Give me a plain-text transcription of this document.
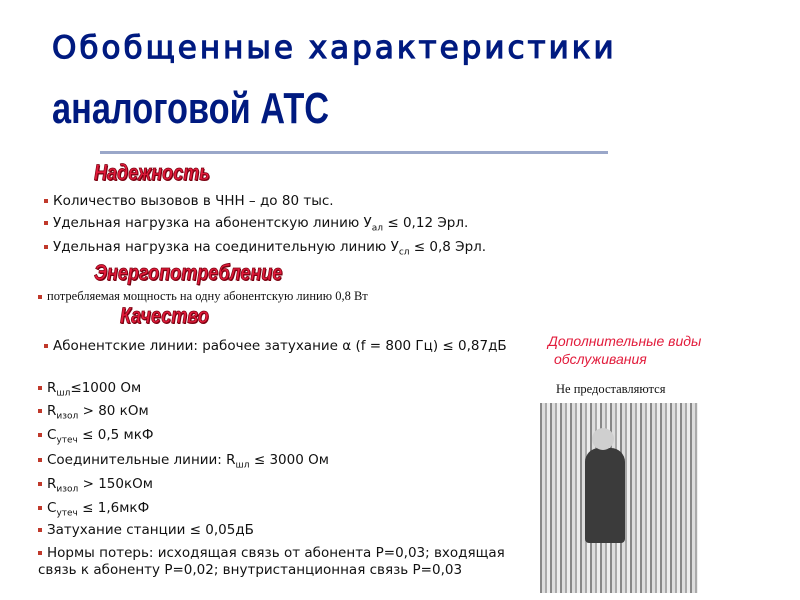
Обобщенные характеристики
аналоговой АТС
Надежность
Количество вызовов в ЧНН – до 80 тыс.
Удельная нагрузка на абонентскую линию $У_{ал} \le 0,12$ Эрл.
Удельная нагрузка на соединительную линию $У_{сл} \le 0,8$ Эрл.
Энергопотребление
потребляемая мощность на одну абонентскую линию 0,8 Вт
Качество
Абонентские линии: рабочее затухание α (f = 800 Гц) ≤ 0,87дБ
$R_{шл}\le 1000$ Ом
$R_{изол} > 80$ кОм
$C_{утеч} \le 0,5$ мкФ
Соединительные линии: $R_{шл} \le 3000$ Ом
$R_{изол} > 150кОм$
$C_{утеч} \le 1,6мкФ$
Затухание станции ≤ 0,05дБ
Нормы потерь: исходящая связь от абонента P=0,03; входящая связь к абоненту P=0,02; внутристанционная связь P=0,03
Дополнительные виды
обслуживания
Не предоставляются
